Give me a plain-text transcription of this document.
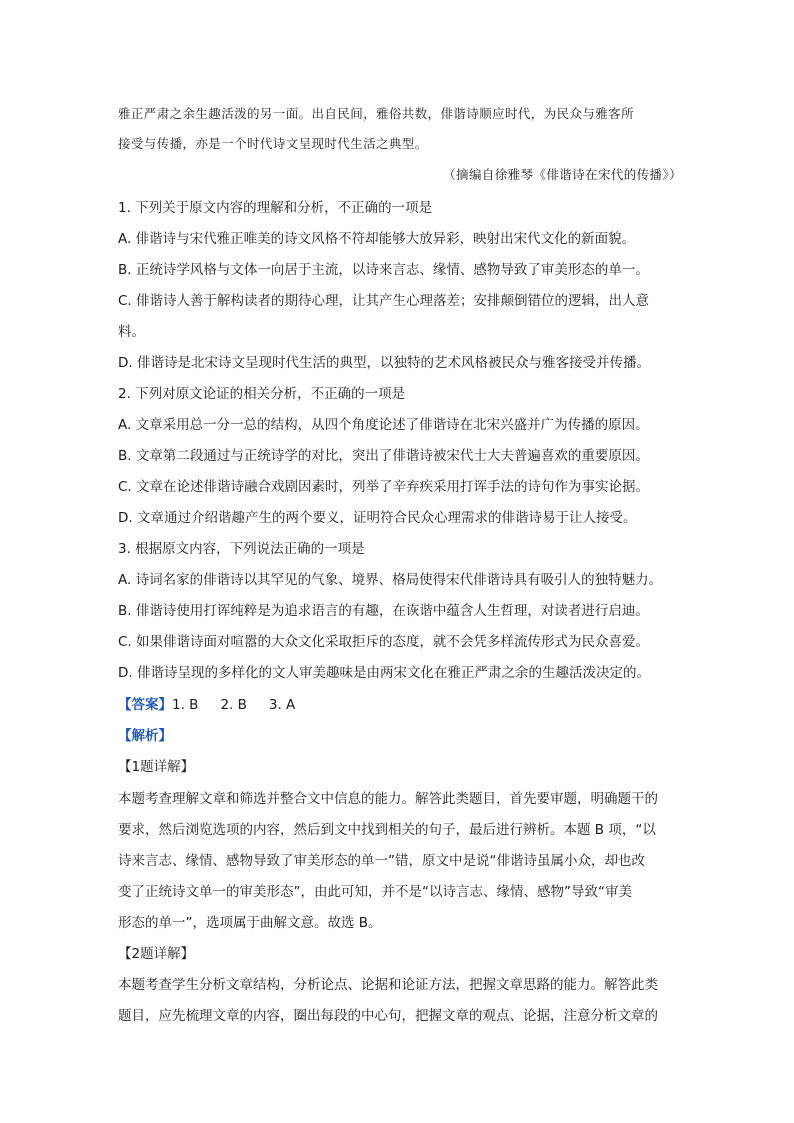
雅正严肃之余生趣活泼的另一面。出自民间，雅俗共数，俳谐诗顺应时代，为民众与雅客所
接受与传播，亦是一个时代诗文呈现时代生活之典型。
（摘编自徐雅琴《俳谐诗在宋代的传播》）
1. 下列关于原文内容的理解和分析，不正确的一项是
A. 俳谐诗与宋代雅正唯美的诗文风格不符却能够大放异彩，映射出宋代文化的新面貌。
B. 正统诗学风格与文体一向居于主流，以诗来言志、缘情、感物导致了审美形态的单一。
C. 俳谐诗人善于解构读者的期待心理，让其产生心理落差；安排颠倒错位的逻辑，出人意
料。
D. 俳谐诗是北宋诗文呈现时代生活的典型，以独特的艺术风格被民众与雅客接受并传播。
2. 下列对原文论证的相关分析，不正确的一项是
A. 文章采用总一分一总的结构，从四个角度论述了俳谐诗在北宋兴盛并广为传播的原因。
B. 文章第二段通过与正统诗学的对比，突出了俳谐诗被宋代士大夫普遍喜欢的重要原因。
C. 文章在论述俳谐诗融合戏剧因素时，列举了辛弃疾采用打诨手法的诗句作为事实论据。
D. 文章通过介绍谐趣产生的两个要义，证明符合民众心理需求的俳谐诗易于让人接受。
3. 根据原文内容，下列说法正确的一项是
A. 诗词名家的俳谐诗以其罕见的气象、境界、格局使得宋代俳谐诗具有吸引人的独特魅力。
B. 俳谐诗使用打诨纯粹是为追求语言的有趣，在诙谐中蕴含人生哲理，对读者进行启迪。
C. 如果俳谐诗面对喧嚣的大众文化采取拒斥的态度，就不会凭多样流传形式为民众喜爱。
D. 俳谐诗呈现的多样化的文人审美趣味是由两宋文化在雅正严肃之余的生趣活泼决定的。
【答案】1. B 2. B 3. A
【解析】
【1题详解】
本题考查理解文章和筛选并整合文中信息的能力。解答此类题目，首先要审题，明确题干的
要求，然后浏览选项的内容，然后到文中找到相关的句子，最后进行辨析。本题 B 项，“以
诗来言志、缘情、感物导致了审美形态的单一”错，原文中是说“俳谐诗虽属小众，却也改
变了正统诗文单一的审美形态”，由此可知，并不是“以诗言志、缘情、感物”导致“审美
形态的单一”，选项属于曲解文意。故选 B。
【2题详解】
本题考查学生分析文章结构，分析论点、论据和论证方法，把握文章思路的能力。解答此类
题目，应先梳理文章的内容，圈出每段的中心句，把握文章的观点、论据，注意分析文章的
